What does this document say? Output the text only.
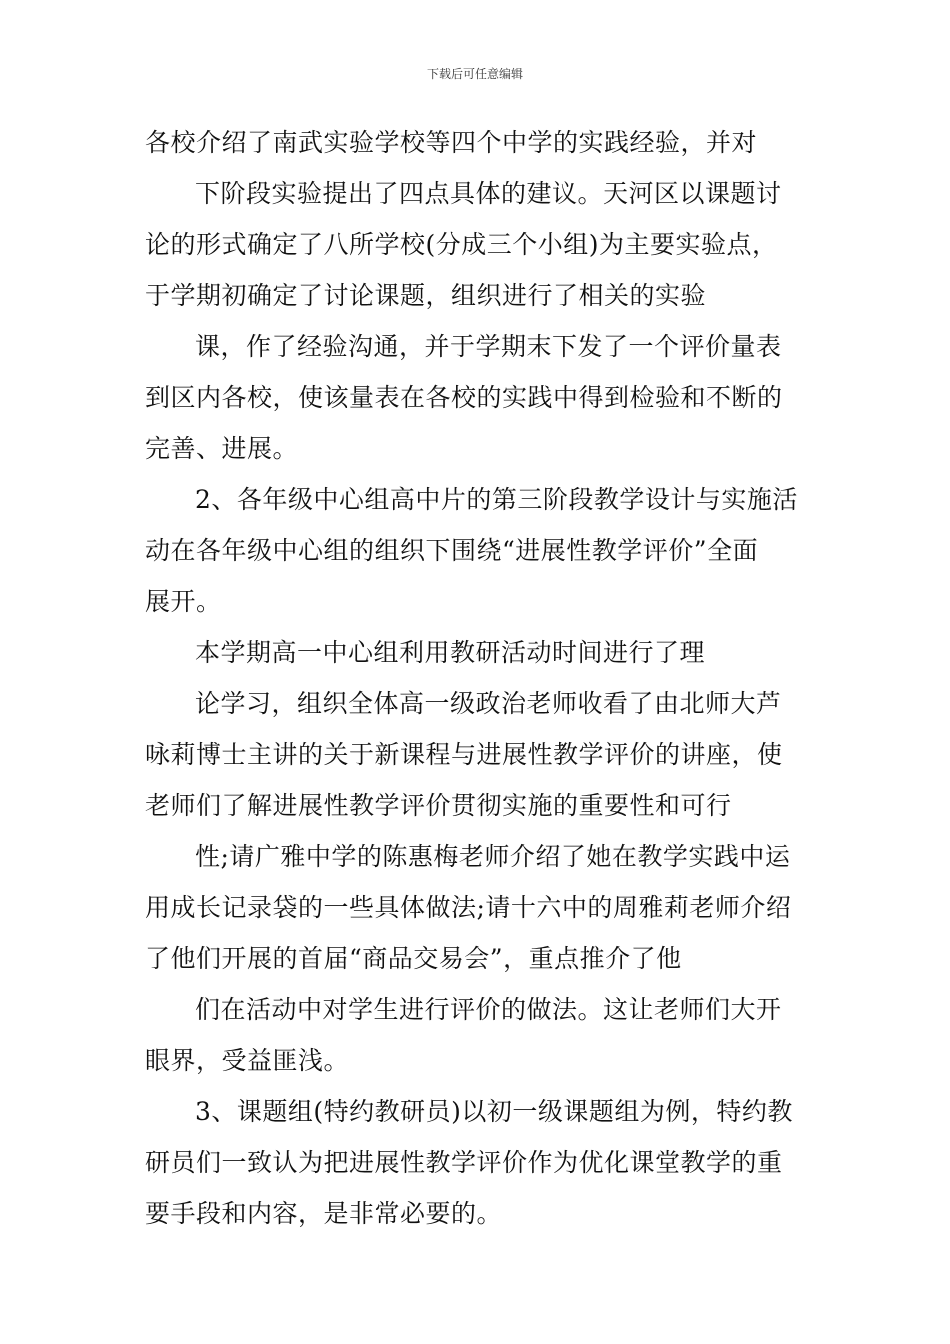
下载后可任意编辑
各校介绍了南武实验学校等四个中学的实践经验，并对
下阶段实验提出了四点具体的建议。天河区以课题讨
论的形式确定了八所学校(分成三个小组)为主要实验点，
于学期初确定了讨论课题，组织进行了相关的实验
课，作了经验沟通，并于学期末下发了一个评价量表
到区内各校，使该量表在各校的实践中得到检验和不断的
完善、进展。
2、各年级中心组高中片的第三阶段教学设计与实施活
动在各年级中心组的组织下围绕“进展性教学评价”全面
展开。
本学期高一中心组利用教研活动时间进行了理
论学习，组织全体高一级政治老师收看了由北师大芦
咏莉博士主讲的关于新课程与进展性教学评价的讲座，使
老师们了解进展性教学评价贯彻实施的重要性和可行
性;请广雅中学的陈惠梅老师介绍了她在教学实践中运
用成长记录袋的一些具体做法;请十六中的周雅莉老师介绍
了他们开展的首届“商品交易会”，重点推介了他
们在活动中对学生进行评价的做法。这让老师们大开
眼界，受益匪浅。
3、课题组(特约教研员)以初一级课题组为例，特约教
研员们一致认为把进展性教学评价作为优化课堂教学的重
要手段和内容，是非常必要的。
